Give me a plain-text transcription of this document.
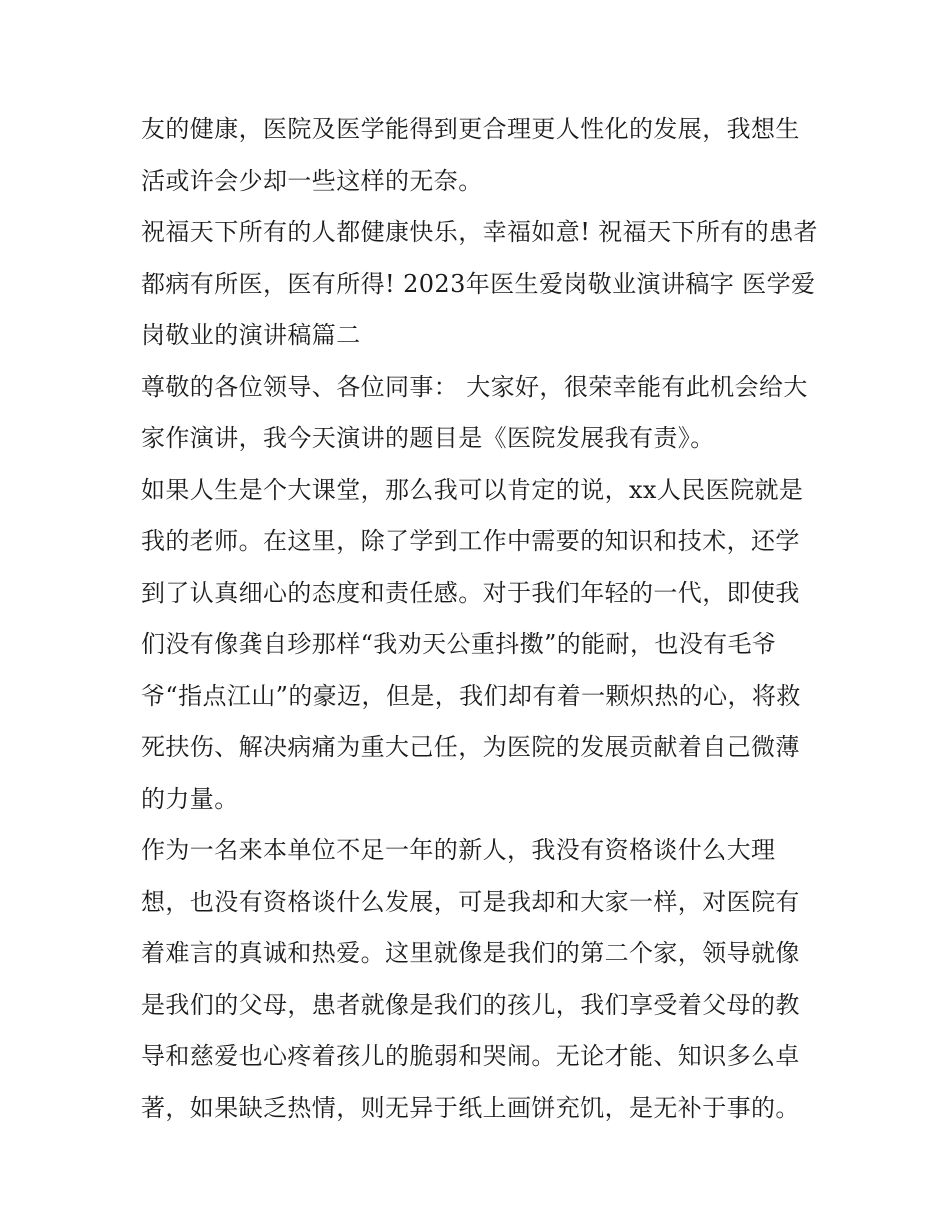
友的健康，医院及医学能得到更合理更人性化的发展，我想生活或许会少却一些这样的无奈。

祝福天下所有的人都健康快乐，幸福如意! 祝福天下所有的患者都病有所医，医有所得! 2023年医生爱岗敬业演讲稿字 医学爱岗敬业的演讲稿篇二

尊敬的各位领导、各位同事： 大家好，很荣幸能有此机会给大家作演讲，我今天演讲的题目是《医院发展我有责》。

如果人生是个大课堂，那么我可以肯定的说，xx人民医院就是我的老师。在这里，除了学到工作中需要的知识和技术，还学到了认真细心的态度和责任感。对于我们年轻的一代，即使我们没有像龚自珍那样“我劝天公重抖擞”的能耐，也没有毛爷爷“指点江山”的豪迈，但是，我们却有着一颗炽热的心，将救死扶伤、解决病痛为重大己任，为医院的发展贡献着自己微薄的力量。

作为一名来本单位不足一年的新人，我没有资格谈什么大理想，也没有资格谈什么发展，可是我却和大家一样，对医院有着难言的真诚和热爱。这里就像是我们的第二个家，领导就像是我们的父母，患者就像是我们的孩儿，我们享受着父母的教导和慈爱也心疼着孩儿的脆弱和哭闹。无论才能、知识多么卓著，如果缺乏热情，则无异于纸上画饼充饥，是无补于事的。
